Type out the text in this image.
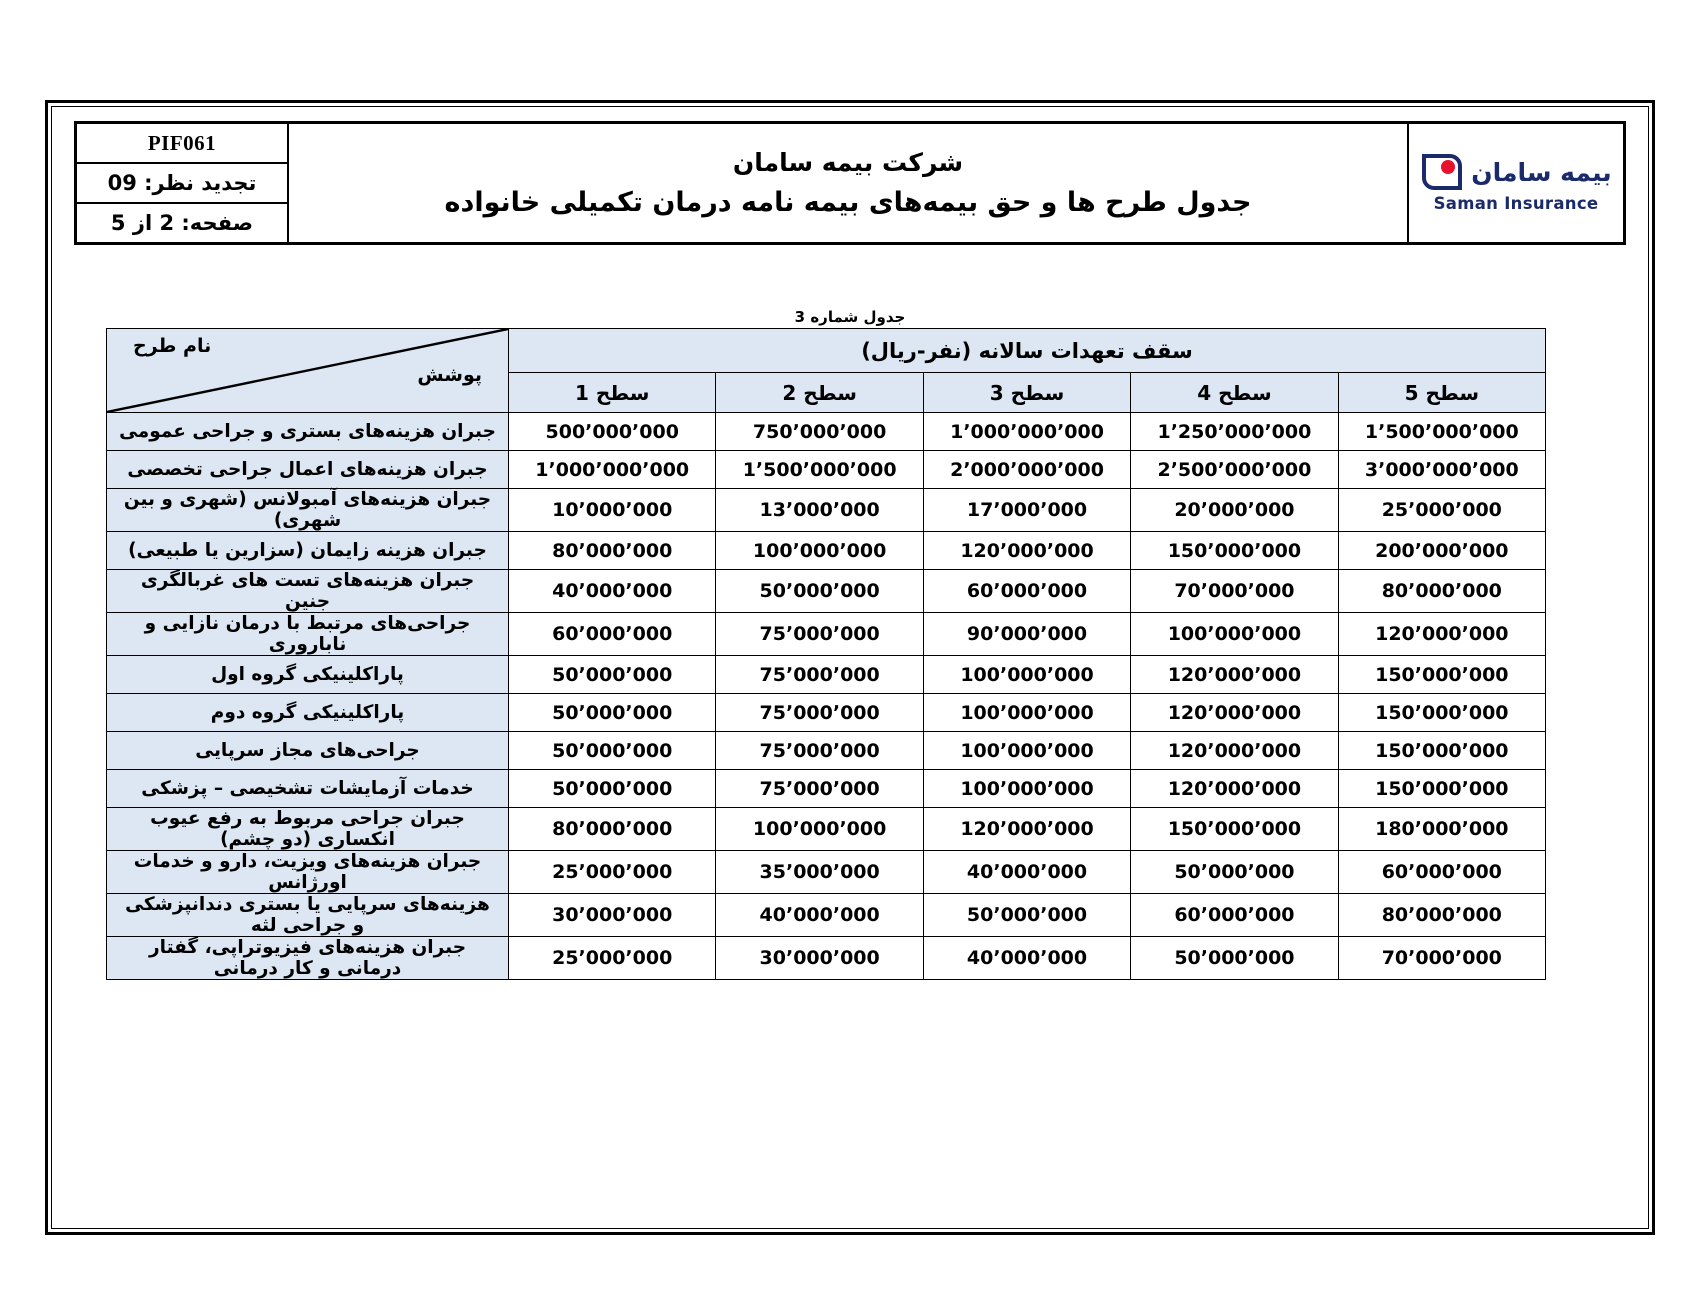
بیمه سامان
Saman Insurance
شرکت بیمه سامان
جدول طرح ها و حق بیمه‌های بیمه نامه درمان تکمیلی خانواده
PIF061
تجدید نظر: 09
صفحه: 2 از 5
جدول شماره 3
سقف تعهدات سالانه (نفر-ریال)					نام طرح
پوشش

سطح 5	سطح 4	سطح 3	سطح 2	سطح 1	
1٬500٬000٬000	1٬250٬000٬000	1٬000٬000٬000	750٬000٬000	500٬000٬000	جبران هزینه‌های بستری و جراحی عمومی
3٬000٬000٬000	2٬500٬000٬000	2٬000٬000٬000	1٬500٬000٬000	1٬000٬000٬000	جبران هزینه‌های اعمال جراحی تخصصی
25٬000٬000	20٬000٬000	17٬000٬000	13٬000٬000	10٬000٬000	جبران هزینه‌های آمبولانس (شهری و بین شهری)
200٬000٬000	150٬000٬000	120٬000٬000	100٬000٬000	80٬000٬000	جبران هزینه زایمان (سزارین یا طبیعی)
80٬000٬000	70٬000٬000	60٬000٬000	50٬000٬000	40٬000٬000	جبران هزینه‌های تست های غربالگری جنین
120٬000٬000	100٬000٬000	90٬000٬000	75٬000٬000	60٬000٬000	جراحی‌های مرتبط با درمان نازایی و ناباروری
150٬000٬000	120٬000٬000	100٬000٬000	75٬000٬000	50٬000٬000	پاراکلینیکی گروه اول
150٬000٬000	120٬000٬000	100٬000٬000	75٬000٬000	50٬000٬000	پاراکلینیکی گروه دوم
150٬000٬000	120٬000٬000	100٬000٬000	75٬000٬000	50٬000٬000	جراحی‌های مجاز سرپایی
150٬000٬000	120٬000٬000	100٬000٬000	75٬000٬000	50٬000٬000	خدمات آزمایشات تشخیصی – پزشکی
180٬000٬000	150٬000٬000	120٬000٬000	100٬000٬000	80٬000٬000	جبران جراحی مربوط به رفع عیوب انکساری (دو چشم)
60٬000٬000	50٬000٬000	40٬000٬000	35٬000٬000	25٬000٬000	جبران هزینه‌های ویزیت، دارو و خدمات اورژانس
80٬000٬000	60٬000٬000	50٬000٬000	40٬000٬000	30٬000٬000	هزینه‌های سرپایی یا بستری دندانپزشکی و جراحی لثه
70٬000٬000	50٬000٬000	40٬000٬000	30٬000٬000	25٬000٬000	جبران هزینه‌های فیزیوتراپی، گفتار درمانی و کار درمانی
